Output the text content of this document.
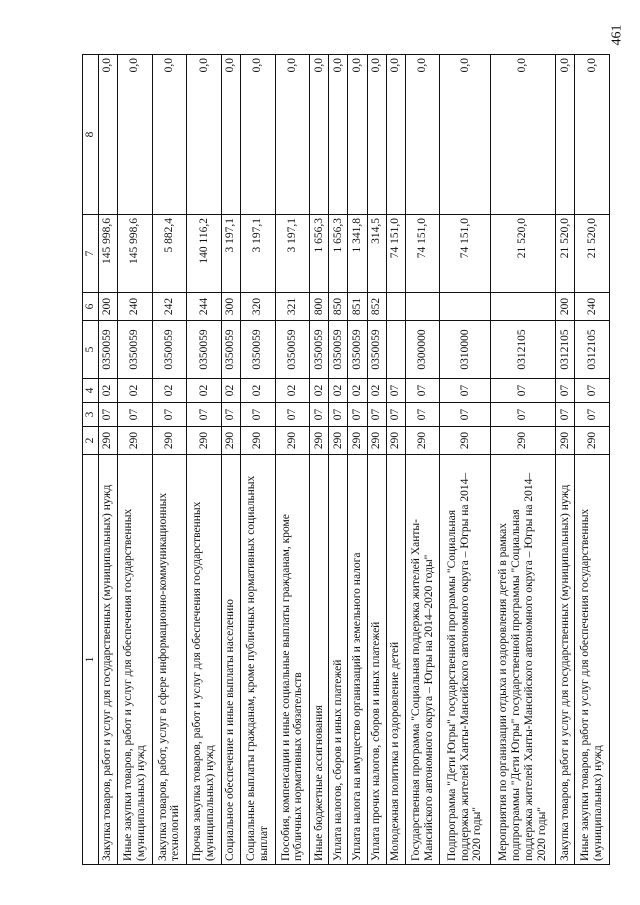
461
1	2	3	4	5	6	7	8
Закупка товаров, работ и услуг для государственных (муниципальных) нужд	290	07	02	0350059	200	145 998,6	0,0
Иные закупки товаров, работ и услуг для обеспечения государственных (муниципальных) нужд	290	07	02	0350059	240	145 998,6	0,0
Закупка товаров, работ, услуг в сфере информационно-коммуникационных технологий	290	07	02	0350059	242	5 882,4	0,0
Прочая закупка товаров, работ и услуг для обеспечения государственных (муниципальных) нужд	290	07	02	0350059	244	140 116,2	0,0
Социальное обеспечение и иные выплаты населению	290	07	02	0350059	300	3 197,1	0,0
Социальные выплаты гражданам, кроме публичных нормативных социальных выплат	290	07	02	0350059	320	3 197,1	0,0
Пособия, компенсации и иные социальные выплаты гражданам, кроме публичных нормативных обязательств	290	07	02	0350059	321	3 197,1	0,0
Иные бюджетные ассигнования	290	07	02	0350059	800	1 656,3	0,0
Уплата налогов, сборов и иных платежей	290	07	02	0350059	850	1 656,3	0,0
Уплата налога на имущество организаций и земельного налога	290	07	02	0350059	851	1 341,8	0,0
Уплата прочих налогов, сборов и иных платежей	290	07	02	0350059	852	314,5	0,0
Молодежная политика и оздоровление детей	290	07	07			74 151,0	0,0
Государственная программа "Социальная поддержка жителей Ханты-Мансийского автономного округа – Югры на 2014–2020 годы"	290	07	07	0300000		74 151,0	0,0
Подпрограмма "Дети Югры" государственной программы "Социальная поддержка жителей Ханты-Мансийского автономного округа – Югры на 2014–2020 годы"	290	07	07	0310000		74 151,0	0,0
Мероприятия по организации отдыха и оздоровления детей в рамках подпрограммы "Дети Югры" государственной программы "Социальная поддержка жителей Ханты-Мансийского автономного округа – Югры на 2014–2020 годы"	290	07	07	0312105		21 520,0	0,0
Закупка товаров, работ и услуг для государственных (муниципальных) нужд	290	07	07	0312105	200	21 520,0	0,0
Иные закупки товаров, работ и услуг для обеспечения государственных (муниципальных) нужд	290	07	07	0312105	240	21 520,0	0,0
